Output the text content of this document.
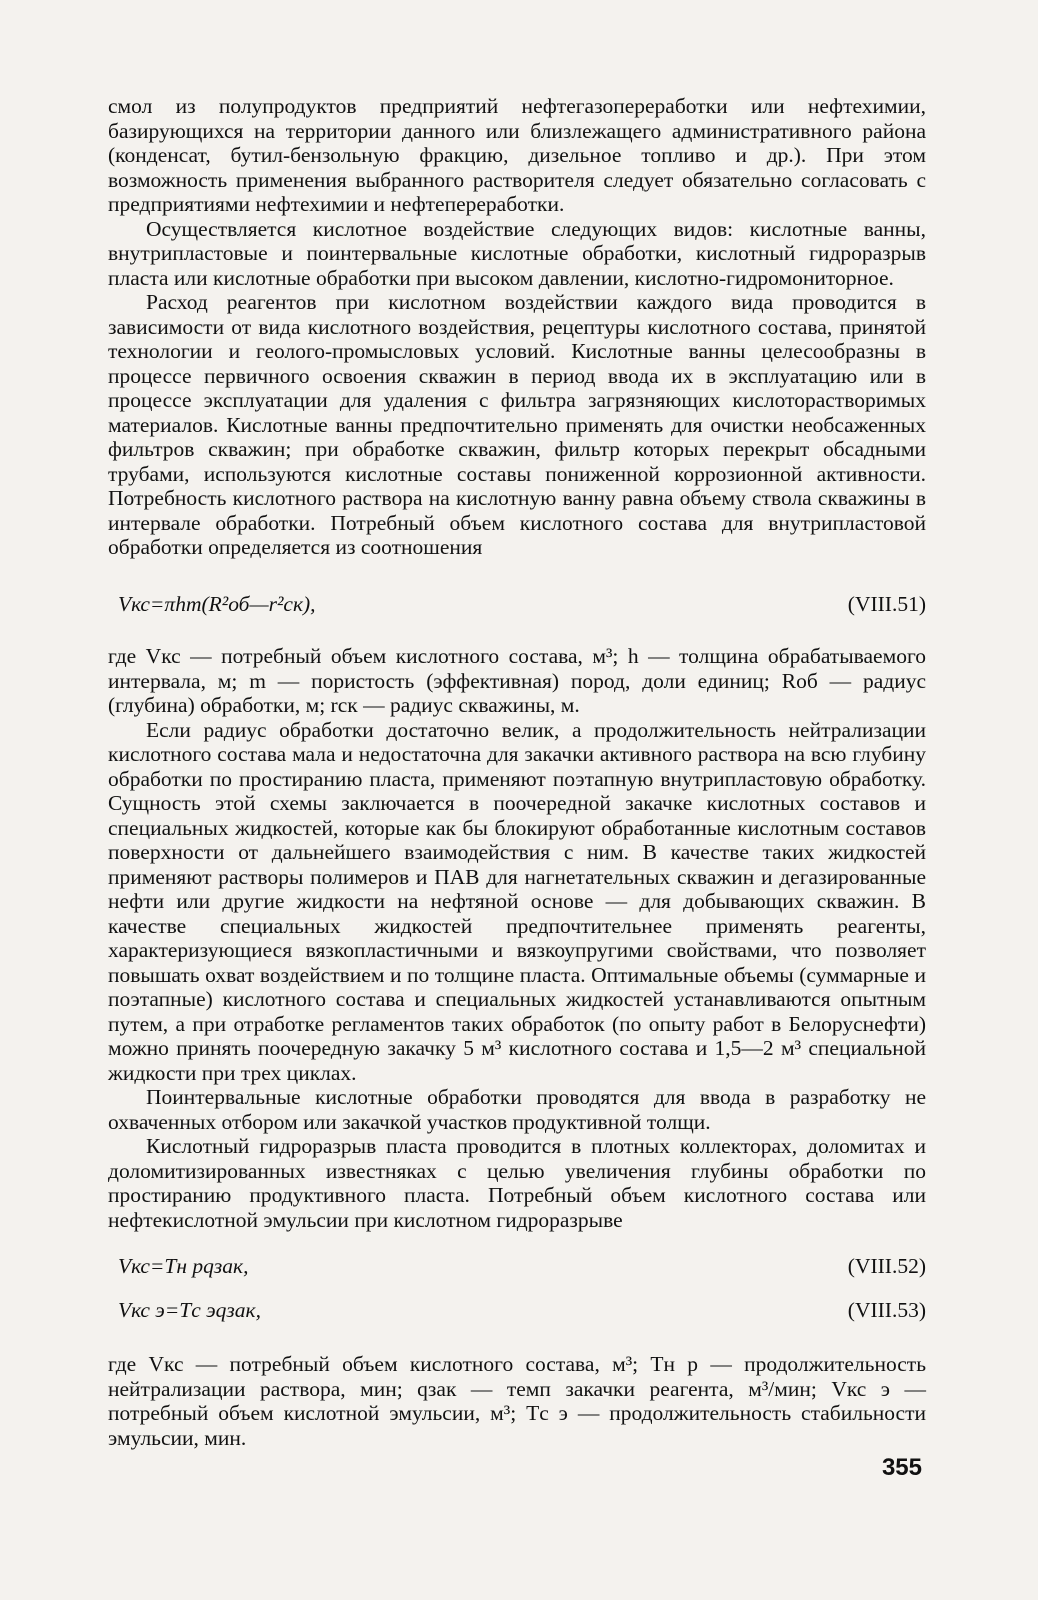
смол из полупродуктов предприятий нефтегазопереработки или нефтехимии, базирующихся на территории данного или близлежащего административного района (конденсат, бутил-бензольную фракцию, дизельное топливо и др.). При этом возможность применения выбранного растворителя следует обязательно согласовать с предприятиями нефтехимии и нефтепереработки.

Осуществляется кислотное воздействие следующих видов: кислотные ванны, внутрипластовые и поинтервальные кислотные обработки, кислотный гидроразрыв пласта или кислотные обработки при высоком давлении, кислотно-гидромониторное.

Расход реагентов при кислотном воздействии каждого вида проводится в зависимости от вида кислотного воздействия, рецептуры кислотного состава, принятой технологии и геолого-промысловых условий. Кислотные ванны целесообразны в процессе первичного освоения скважин в период ввода их в эксплуатацию или в процессе эксплуатации для удаления с фильтра загрязняющих кислоторастворимых материалов. Кислотные ванны предпочтительно применять для очистки необсаженных фильтров скважин; при обработке скважин, фильтр которых перекрыт обсадными трубами, используются кислотные составы пониженной коррозионной активности. Потребность кислотного раствора на кислотную ванну равна объему ствола скважины в интервале обработки. Потребный объем кислотного состава для внутрипластовой обработки определяется из соотношения

Vкс=πhm(R²об—r²ск),	(VIII.51)

где Vкс — потребный объем кислотного состава, м³; h — толщина обрабатываемого интервала, м; m — пористость (эффективная) пород, доли единиц; Rоб — радиус (глубина) обработки, м; rск — радиус скважины, м.

Если радиус обработки достаточно велик, а продолжительность нейтрализации кислотного состава мала и недостаточна для закачки активного раствора на всю глубину обработки по простиранию пласта, применяют поэтапную внутрипластовую обработку. Сущность этой схемы заключается в поочередной закачке кислотных составов и специальных жидкостей, которые как бы блокируют обработанные кислотным составов поверхности от дальнейшего взаимодействия с ним. В качестве таких жидкостей применяют растворы полимеров и ПАВ для нагнетательных скважин и дегазированные нефти или другие жидкости на нефтяной основе — для добывающих скважин. В качестве специальных жидкостей предпочтительнее применять реагенты, характеризующиеся вязкопластичными и вязкоупругими свойствами, что позволяет повышать охват воздействием и по толщине пласта. Оптимальные объемы (суммарные и поэтапные) кислотного состава и специальных жидкостей устанавливаются опытным путем, а при отработке регламентов таких обработок (по опыту работ в Белоруснефти) можно принять поочередную закачку 5 м³ кислотного состава и 1,5—2 м³ специальной жидкости при трех циклах.

Поинтервальные кислотные обработки проводятся для ввода в разработку не охваченных отбором или закачкой участков продуктивной толщи.

Кислотный гидроразрыв пласта проводится в плотных коллекторах, доломитах и доломитизированных известняках с целью увеличения глубины обработки по простиранию продуктивного пласта. Потребный объем кислотного состава или нефтекислотной эмульсии при кислотном гидроразрыве

Vкс=Tн рqзак,	(VIII.52)
Vкс э=Tс эqзак,	(VIII.53)

где Vкс — потребный объем кислотного состава, м³; Tн р — продолжительность нейтрализации раствора, мин; qзак — темп закачки реагента, м³/мин; Vкс э — потребный объем кислотной эмульсии, м³; Tс э — продолжительность стабильности эмульсии, мин.

355
